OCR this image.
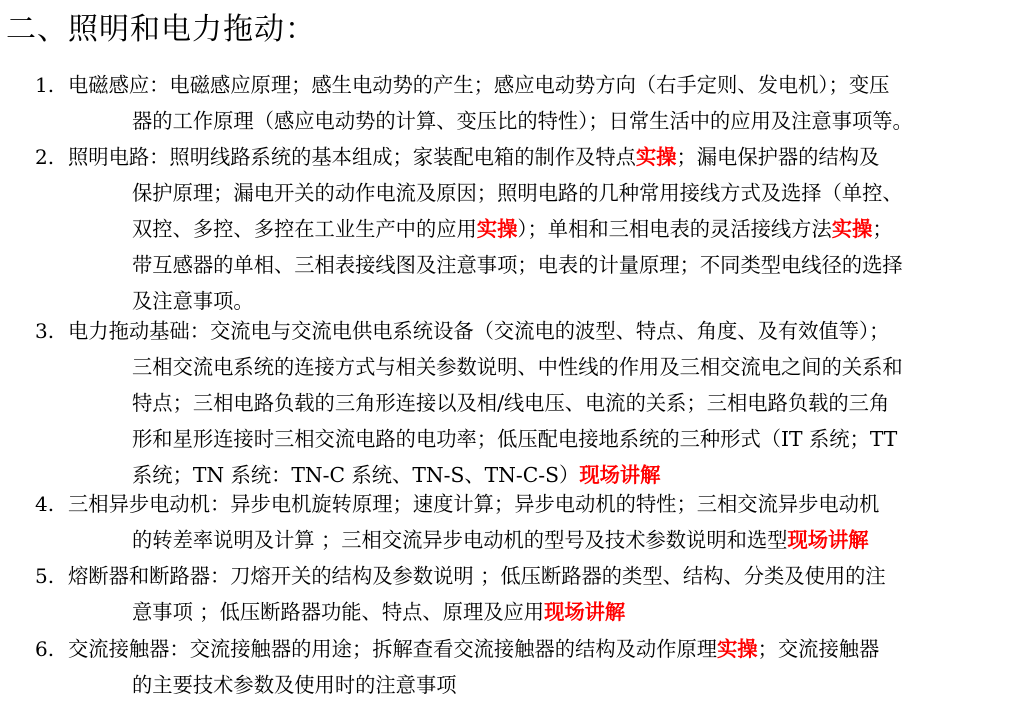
二、照明和电力拖动：
1. 电磁感应：电磁感应原理；感生电动势的产生；感应电动势方向（右手定则、发电机）；变压
器的工作原理（感应电动势的计算、变压比的特性）；日常生活中的应用及注意事项等。
2. 照明电路：照明线路系统的基本组成；家装配电箱的制作及特点实操；漏电保护器的结构及
保护原理；漏电开关的动作电流及原因；照明电路的几种常用接线方式及选择（单控、
双控、多控、多控在工业生产中的应用实操）；单相和三相电表的灵活接线方法实操；
带互感器的单相、三相表接线图及注意事项；电表的计量原理；不同类型电线径的选择
及注意事项。
3. 电力拖动基础：交流电与交流电供电系统设备（交流电的波型、特点、角度、及有效值等）；
三相交流电系统的连接方式与相关参数说明、中性线的作用及三相交流电之间的关系和
特点；三相电路负载的三角形连接以及相/线电压、电流的关系；三相电路负载的三角
形和星形连接时三相交流电路的电功率；低压配电接地系统的三种形式（IT 系统；TT
系统；TN 系统：TN-C 系统、TN-S、TN-C-S）现场讲解
4. 三相异步电动机：异步电机旋转原理；速度计算；异步电动机的特性；三相交流异步电动机
的转差率说明及计算 ；三相交流异步电动机的型号及技术参数说明和选型现场讲解
5. 熔断器和断路器：刀熔开关的结构及参数说明 ；低压断路器的类型、结构、分类及使用的注
意事项 ；低压断路器功能、特点、原理及应用现场讲解
6. 交流接触器：交流接触器的用途；拆解查看交流接触器的结构及动作原理实操；交流接触器
的主要技术参数及使用时的注意事项
